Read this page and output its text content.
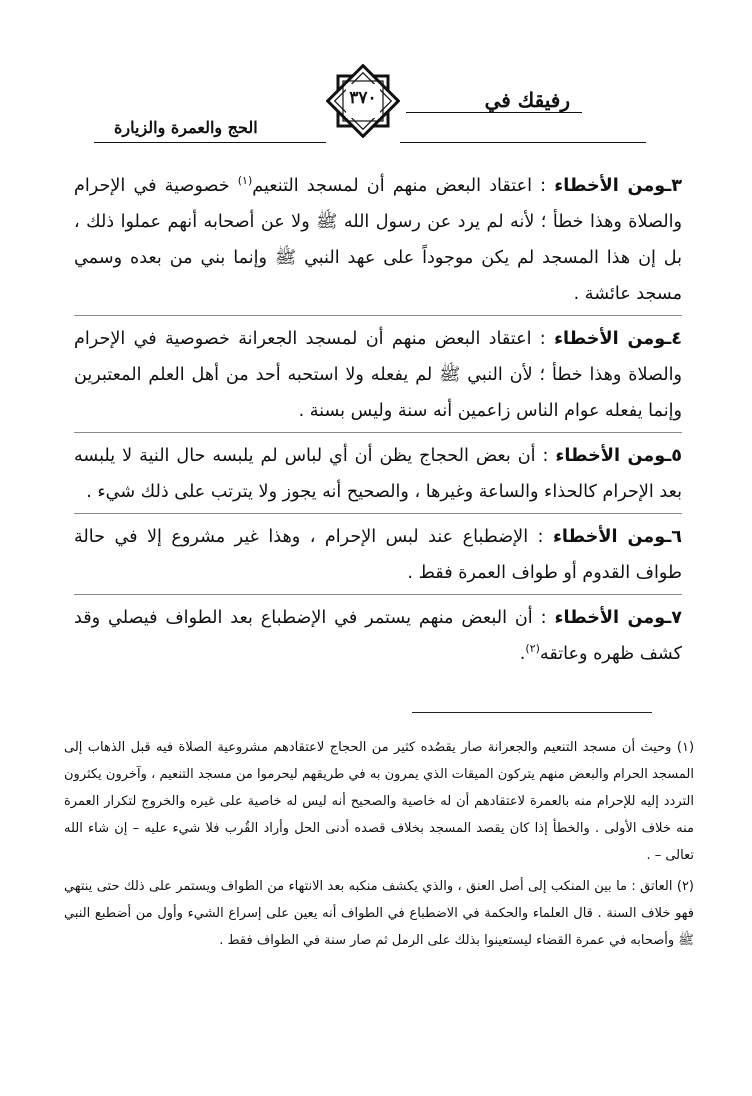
رفيقك في
٣٧٠
الحج والعمرة والزيارة

٣ـومن الأخطاء : اعتقاد البعض منهم أن لمسجد التنعيم$^{(١)}$ خصوصية في الإحرام والصلاة وهذا خطأ ؛ لأنه لم يرد عن رسول الله ﷺ ولا عن أصحابه أنهم عملوا ذلك ، بل إن هذا المسجد لم يكن موجوداً على عهد النبي ﷺ وإنما بني من بعده وسمي مسجد عائشة .

٤ـومن الأخطاء : اعتقاد البعض منهم أن لمسجد الجعرانة خصوصية في الإحرام والصلاة وهذا خطأ ؛ لأن النبي ﷺ لم يفعله ولا استحبه أحد من أهل العلم المعتبرين وإنما يفعله عوام الناس زاعمين أنه سنة وليس بسنة .

٥ـومن الأخطاء : أن بعض الحجاج يظن أن أي لباس لم يلبسه حال النية لا يلبسه بعد الإحرام كالحذاء والساعة وغيرها ، والصحيح أنه يجوز ولا يترتب على ذلك شيء .

٦ـومن الأخطاء : الإضطباع عند لبس الإحرام ، وهذا غير مشروع إلا في حالة طواف القدوم أو طواف العمرة فقط .

٧ـومن الأخطاء : أن البعض منهم يستمر في الإضطباع بعد الطواف فيصلي وقد كشف ظهره وعاتقه$^{(٢)}$.

(١) وحيث أن مسجد التنعيم والجعرانة صار يقصُده كثير من الحجاج لاعتقادهم مشروعية الصلاة فيه قبل الذهاب إلى المسجد الحرام والبعض منهم يتركون الميقات الذي يمرون به في طريقهم ليحرموا من مسجد التنعيم ، وآخرون يكثرون التردد إليه للإحرام منه بالعمرة لاعتقادهم أن له خاصية والصحيح أنه ليس له خاصية على غيره والخروج لتكرار العمرة منه خلاف الأولى . والخطأ إذا كان يقصد المسجد بخلاف قصده أدنى الحل وأراد القُرب فلا شيء عليه – إن شاء الله تعالى – .

(٢) العاتق : ما بين المنكب إلى أصل العنق ، والذي يكشف منكبه بعد الانتهاء من الطواف ويستمر على ذلك حتى ينتهي فهو خلاف السنة . قال العلماء والحكمة في الاضطباع في الطواف أنه يعين على إسراع الشيء وأول من أضطبع النبي ﷺ وأصحابه في عمرة القضاء ليستعينوا بذلك على الرمل ثم صار سنة في الطواف فقط .
